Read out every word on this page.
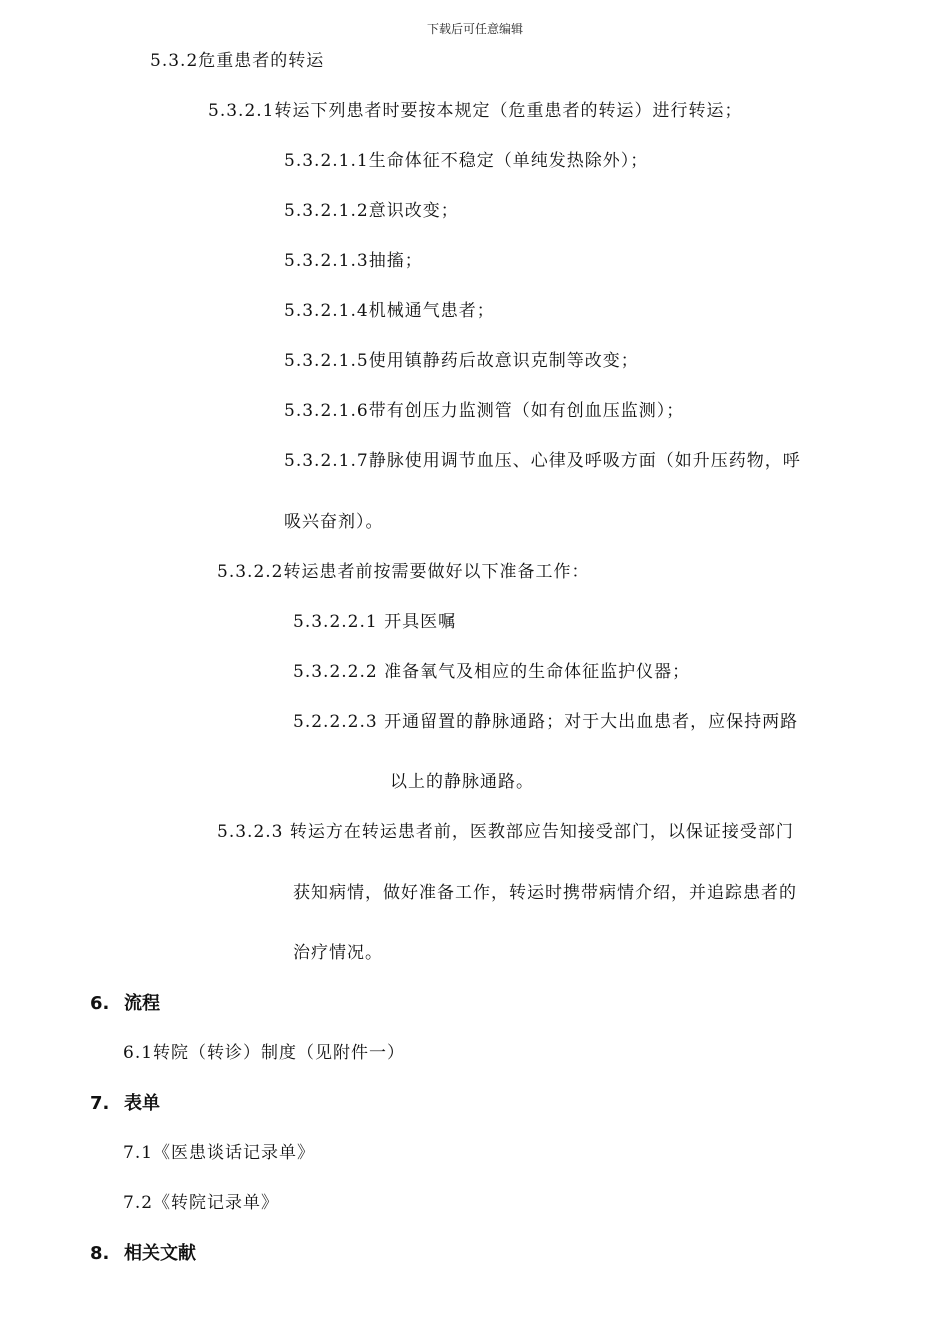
下载后可任意编辑
5.3.2危重患者的转运
5.3.2.1转运下列患者时要按本规定（危重患者的转运）进行转运；
5.3.2.1.1生命体征不稳定（单纯发热除外）；
5.3.2.1.2意识改变；
5.3.2.1.3抽搐；
5.3.2.1.4机械通气患者；
5.3.2.1.5使用镇静药后故意识克制等改变；
5.3.2.1.6带有创压力监测管（如有创血压监测）；
5.3.2.1.7静脉使用调节血压、心律及呼吸方面（如升压药物，呼
吸兴奋剂）。
5.3.2.2转运患者前按需要做好以下准备工作：
5.3.2.2.1 开具医嘱
5.3.2.2.2 准备氧气及相应的生命体征监护仪器；
5.2.2.2.3 开通留置的静脉通路；对于大出血患者，应保持两路
以上的静脉通路。
5.3.2.3 转运方在转运患者前，医教部应告知接受部门，以保证接受部门
获知病情，做好准备工作，转运时携带病情介绍，并追踪患者的
治疗情况。
6. 流程
6.1转院（转诊）制度（见附件一）
7. 表单
7.1《医患谈话记录单》
7.2《转院记录单》
8. 相关文献
